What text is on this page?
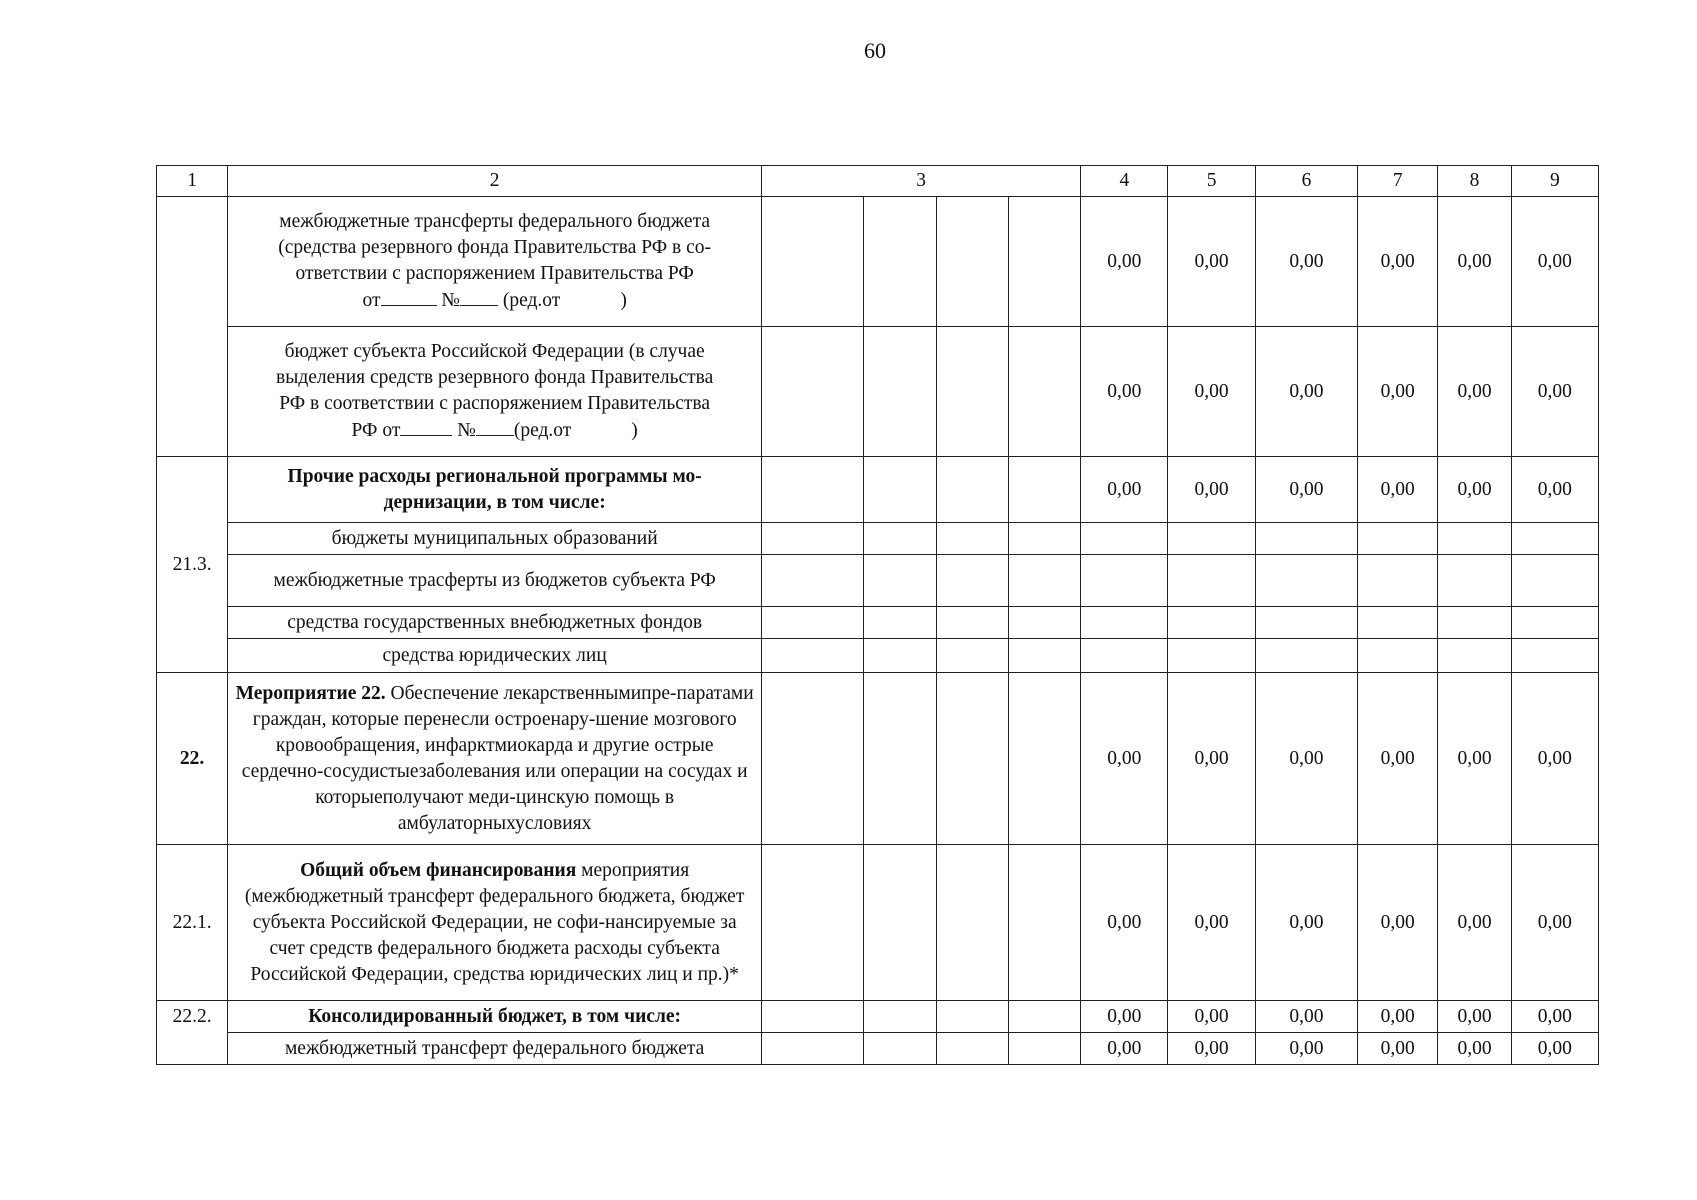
60
1	2	3				4	5	6	7	8	9
	межбюджетные трансферты федерального бюджета
(средства резервного фонда Правительства РФ в со-
ответствии с распоряжением Правительства РФ
от № (ред.от )					0,00	0,00	0,00	0,00	0,00	0,00
	бюджет субъекта Российской Федерации (в случае
выделения средств резервного фонда Правительства
РФ в соответствии с распоряжением Правительства
РФ от № (ред.от )					0,00	0,00	0,00	0,00	0,00	0,00
21.3.	Прочие расходы региональной программы мо-дернизации, в том числе:					0,00	0,00	0,00	0,00	0,00	0,00
	бюджеты муниципальных образований										
	межбюджетные трасферты из бюджетов субъекта РФ										
	средства государственных внебюджетных фондов										
	средства юридических лиц										
22.	Мероприятие 22. Обеспечение лекарственнымипре-паратами граждан, которые перенесли остроенару-шение мозгового кровообращения, инфарктмиокарда и другие острые сердечно-сосудистыезаболевания или операции на сосудах и которыеполучают меди-цинскую помощь в амбулаторныхусловиях					0,00	0,00	0,00	0,00	0,00	0,00
22.1.	Общий объем финансирования мероприятия (межбюджетный трансферт федерального бюджета, бюджет субъекта Российской Федерации, не софи-нансируемые за счет средств федерального бюджета расходы субъекта Российской Федерации, средства юридических лиц и пр.)*					0,00	0,00	0,00	0,00	0,00	0,00
22.2.	Консолидированный бюджет, в том числе:					0,00	0,00	0,00	0,00	0,00	0,00
	межбюджетный трансферт федерального бюджета					0,00	0,00	0,00	0,00	0,00	0,00
